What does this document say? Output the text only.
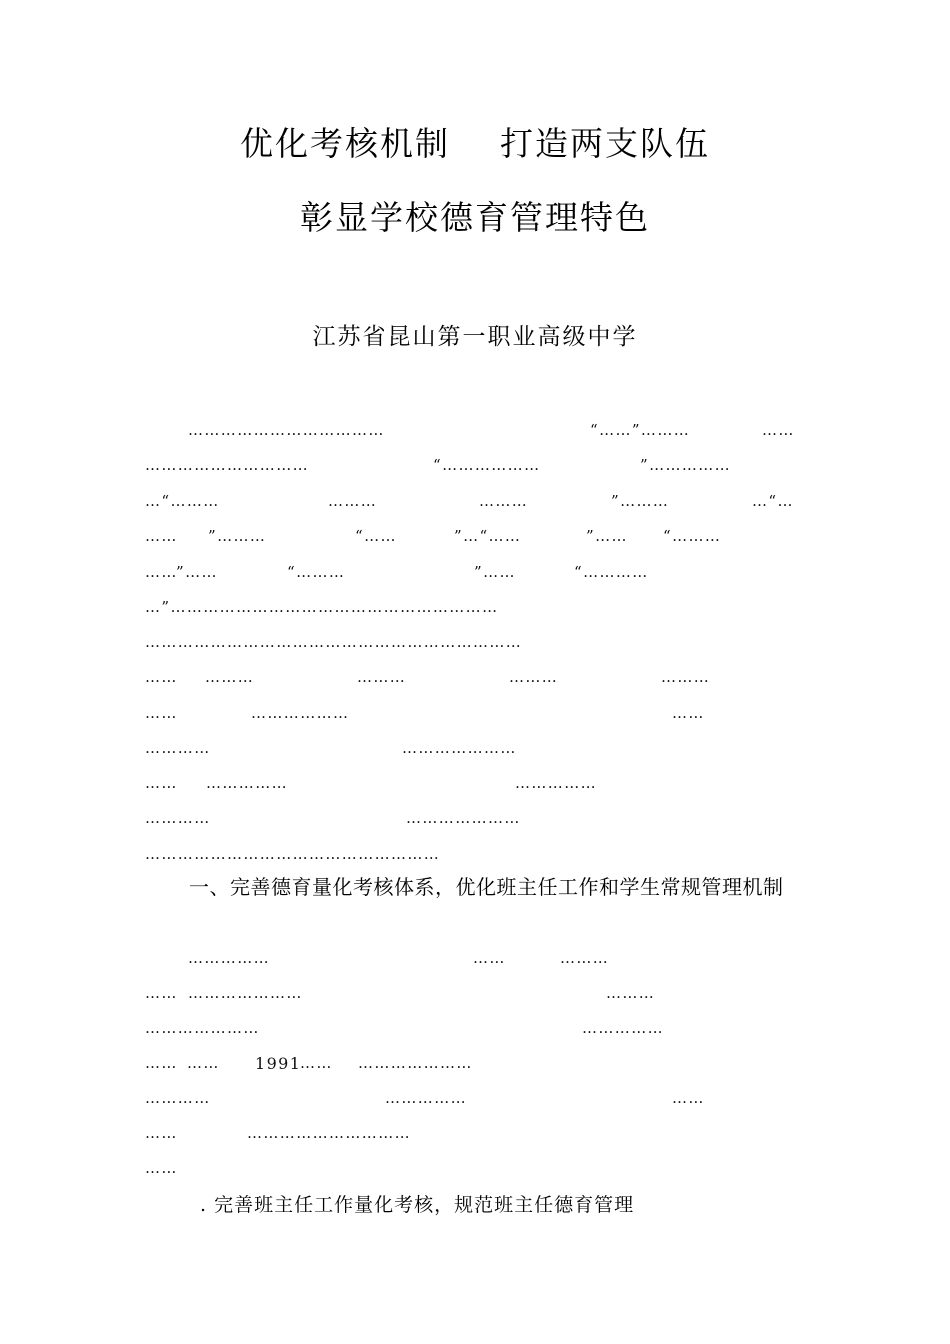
优化考核机制    打造两支队伍
彰显学校德育管理特色
江苏省昆山第一职业高级中学
………………………………	“……”………	……
…………………………	“………………	”……………
…“………	………	………	”………	…“…
…… ”………	“……	”…“……	”…… “………
……
”……	“………	”……	“…………
…”……………………………………………………
……………………………………………………………
…… ………	………	………	………
……	………………	……
…………	…………………
…… ……………	……………
…………	…………………
………………………………………………
一、完善德育量化考核体系，优化班主任工作和学生常规管理机制
……………	……	………
…… …………………	………
…………………	……………
…… …… 1991
…… …………………
…………	……………	……
……	…………………………
……
. 完善班主任工作量化考核，规范班主任德育管理
